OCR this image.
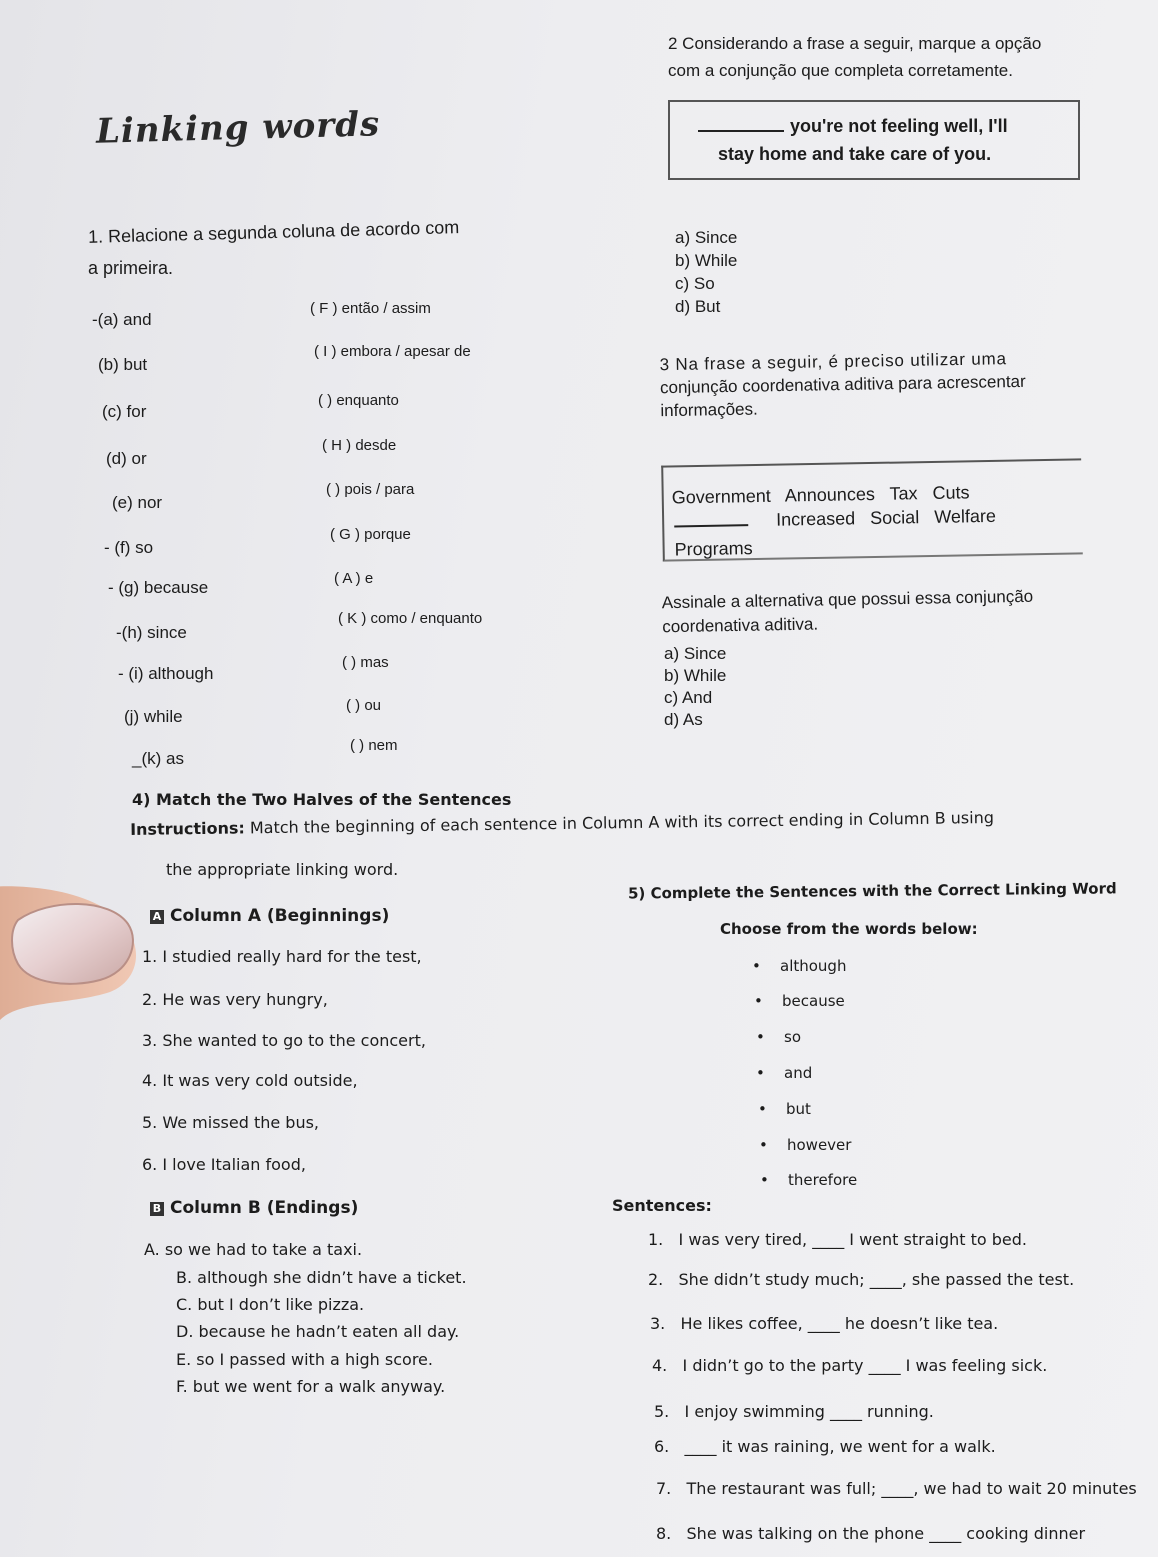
2 Considerando a frase a seguir, marque a opção
com a conjunção que completa corretamente.
you're not feeling well, I'll
stay home and take care of you.
a) Since
b) While
c) So
d) But
Linking words
1. Relacione a segunda coluna de acordo com
a primeira.
-(a) and
(b) but
(c) for
(d) or
(e) nor
- (f) so
- (g) because
-(h) since
- (i) although
(j) while
_(k) as
( F ) então / assim
( I ) embora / apesar de
( ) enquanto
( H ) desde
( ) pois / para
( G ) porque
( A ) e
( K ) como / enquanto
( ) mas
( ) ou
( ) nem
3 Na frase a seguir, é preciso utilizar uma
conjunção coordenativa aditiva para acrescentar
informações.
Government   Announces   Tax   Cuts
Increased   Social   Welfare
Programs
Assinale a alternativa que possui essa conjunção
coordenativa aditiva.
a) Since
b) While
c) And
d) As
4) Match the Two Halves of the Sentences
Instructions: Match the beginning of each sentence in Column A with its correct ending in Column B using
the appropriate linking word.
A Column A (Beginnings)
1. I studied really hard for the test,
2. He was very hungry,
3. She wanted to go to the concert,
4. It was very cold outside,
5. We missed the bus,
6. I love Italian food,
B Column B (Endings)
A. so we had to take a taxi.
B. although she didn’t have a ticket.
C. but I don’t like pizza.
D. because he hadn’t eaten all day.
E. so I passed with a high score.
F. but we went for a walk anyway.
5) Complete the Sentences with the Correct Linking Word
Choose from the words below:
• although
• because
• so
• and
• but
• however
• therefore
Sentences:
1.   I was very tired, ____ I went straight to bed.
2.   She didn’t study much; ____, she passed the test.
3.   He likes coffee, ____ he doesn’t like tea.
4.   I didn’t go to the party ____ I was feeling sick.
5.   I enjoy swimming ____ running.
6.   ____ it was raining, we went for a walk.
7.   The restaurant was full; ____, we had to wait 20 minutes
8.   She was talking on the phone ____ cooking dinner
